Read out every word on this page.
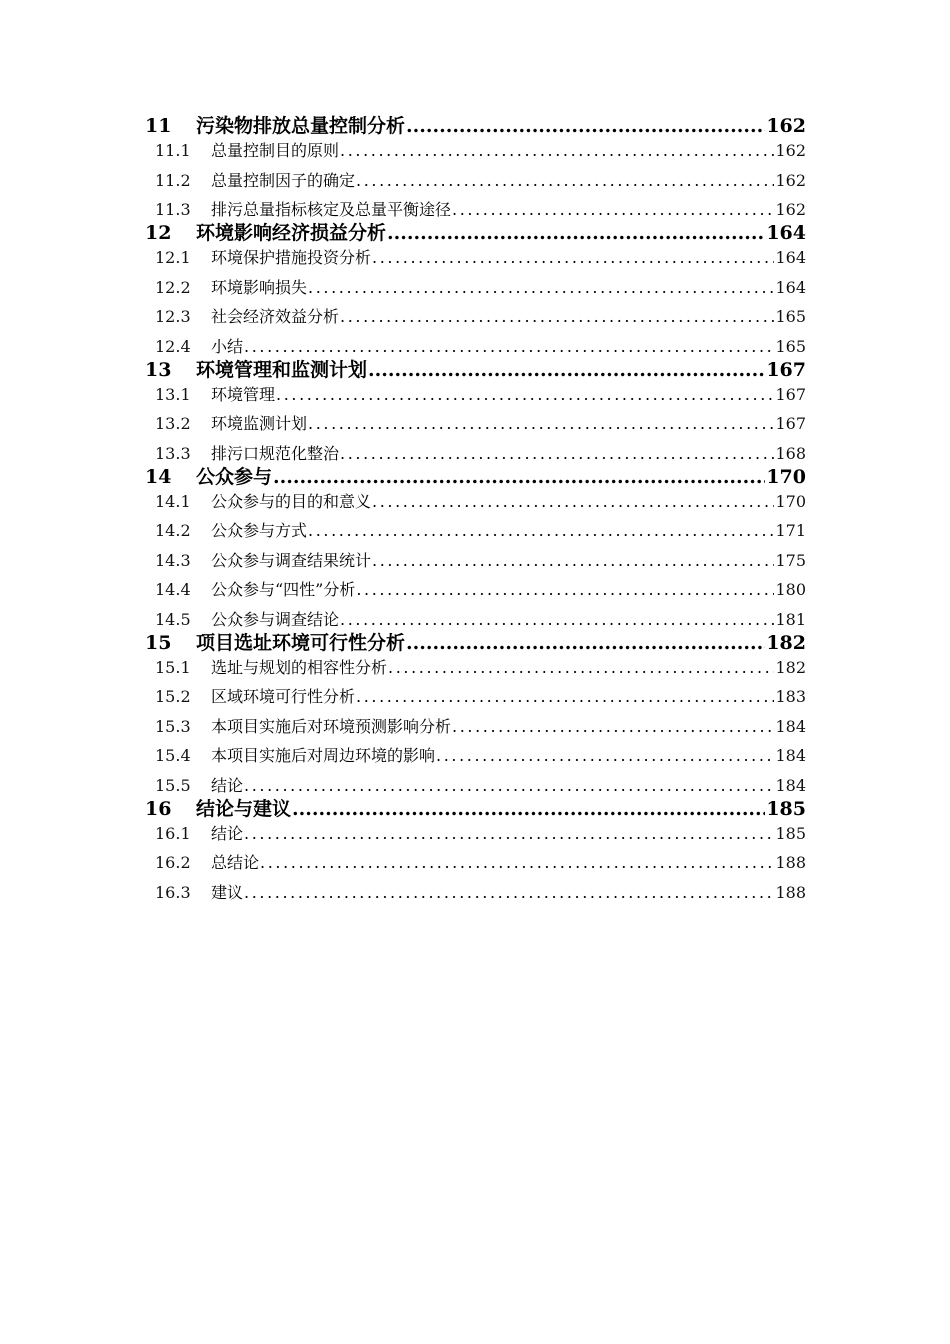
11	污染物排放总量控制分析 .....	162
11.1	总量控制目的原则 .....	162
11.2	总量控制因子的确定 .....	162
11.3	排污总量指标核定及总量平衡途径 .....	162
12	环境影响经济损益分析 .....	164
12.1	环境保护措施投资分析 .....	164
12.2	环境影响损失 .....	164
12.3	社会经济效益分析 .....	165
12.4	小结 .....	165
13	环境管理和监测计划 .....	167
13.1	环境管理 .....	167
13.2	环境监测计划 .....	167
13.3	排污口规范化整治 .....	168
14	公众参与 .....	170
14.1	公众参与的目的和意义 .....	170
14.2	公众参与方式 .....	171
14.3	公众参与调查结果统计 .....	175
14.4	公众参与“四性”分析 .....	180
14.5	公众参与调查结论 .....	181
15	项目选址环境可行性分析 .....	182
15.1	选址与规划的相容性分析 .....	182
15.2	区域环境可行性分析 .....	183
15.3	本项目实施后对环境预测影响分析 .....	184
15.4	本项目实施后对周边环境的影响 .....	184
15.5	结论 .....	184
16	结论与建议 .....	185
16.1	结论 .....	185
16.2	总结论 .....	188
16.3	建议 .....	188
